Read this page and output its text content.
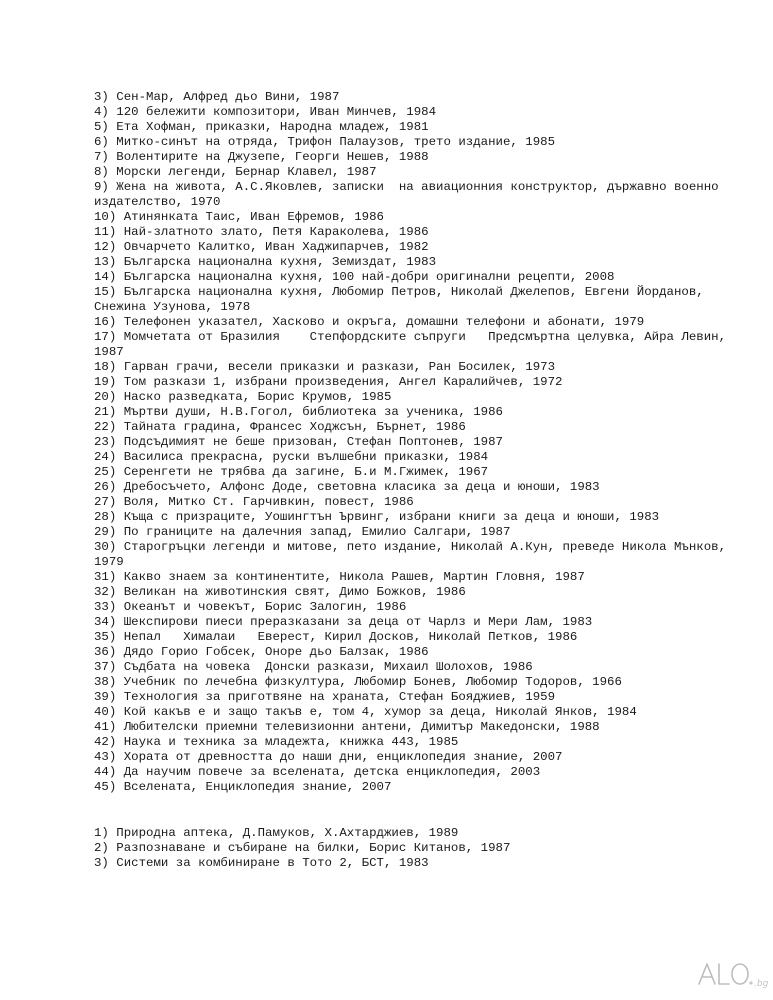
3) Сен-Мар, Алфред дьо Вини, 1987
4) 120 бележити композитори, Иван Минчев, 1984
5) Ета Хофман, приказки, Народна младеж, 1981
6) Митко-синът на отряда, Трифон Палаузов, трето издание, 1985
7) Волентирите на Джузепе, Георги Нешев, 1988
8) Морски легенди, Бернар Клавел, 1987
9) Жена на живота, А.С.Яковлев, записки  на авиационния конструктор, държавно военно издателство, 1970
10) Атинянката Таис, Иван Ефремов, 1986
11) Най-златното злато, Петя Караколева, 1986
12) Овчарчето Калитко, Иван Хаджипарчев, 1982
13) Българска национална кухня, Земиздат, 1983
14) Българска национална кухня, 100 най-добри оригинални рецепти, 2008
15) Българска национална кухня, Любомир Петров, Николай Джелепов, Евгени Йорданов, Снежина Узунова, 1978
16) Телефонен указател, Хасково и окръга, домашни телефони и абонати, 1979
17) Момчетата от Бразилия    Степфордските съпруги   Предсмъртна целувка, Айра Левин, 1987
18) Гарван грачи, весели приказки и разкази, Ран Босилек, 1973
19) Том разкази 1, избрани произведения, Ангел Каралийчев, 1972
20) Наско разведката, Борис Крумов, 1985
21) Мъртви души, Н.В.Гогол, библиотека за ученика, 1986
22) Тайната градина, Франсес Ходжсън, Бърнет, 1986
23) Подсъдимият не беше призован, Стефан Поптонев, 1987
24) Василиса прекрасна, руски вълшебни приказки, 1984
25) Серенгети не трябва да загине, Б.и М.Гжимек, 1967
26) Дребосъчето, Алфонс Доде, световна класика за деца и юноши, 1983
27) Воля, Митко Ст. Гарчивкин, повест, 1986
28) Къща с призраците, Уошингтън Ървинг, избрани книги за деца и юноши, 1983
29) По границите на далечния запад, Емилио Салгари, 1987
30) Старогръцки легенди и митове, пето издание, Николай А.Кун, преведе Никола Мънков, 1979
31) Какво знаем за континентите, Никола Рашев, Мартин Гловня, 1987
32) Великан на животинския свят, Димо Божков, 1986
33) Океанът и човекът, Борис Залогин, 1986
34) Шекспирови пиеси преразказани за деца от Чарлз и Мери Лам, 1983
35) Непал   Хималаи   Еверест, Кирил Досков, Николай Петков, 1986
36) Дядо Горио Гобсек, Оноре дьо Балзак, 1986
37) Съдбата на човека  Донски разкази, Михаил Шолохов, 1986
38) Учебник по лечебна физкултура, Любомир Бонев, Любомир Тодоров, 1966
39) Технология за приготвяне на храната, Стефан Бояджиев, 1959
40) Кой какъв е и защо такъв е, том 4, хумор за деца, Николай Янков, 1984
41) Любителски приемни телевизионни антени, Димитър Македонски, 1988
42) Наука и техника за младежта, книжка 443, 1985
43) Хората от древността до наши дни, енциклопедия знание, 2007
44) Да научим повече за вселената, детска енциклопедия, 2003
45) Вселената, Енциклопедия знание, 2007
1) Природна аптека, Д.Памуков, Х.Ахтарджиев, 1989
2) Разпознаване и събиране на билки, Борис Китанов, 1987
3) Системи за комбиниране в Тото 2, БСТ, 1983
.bg
